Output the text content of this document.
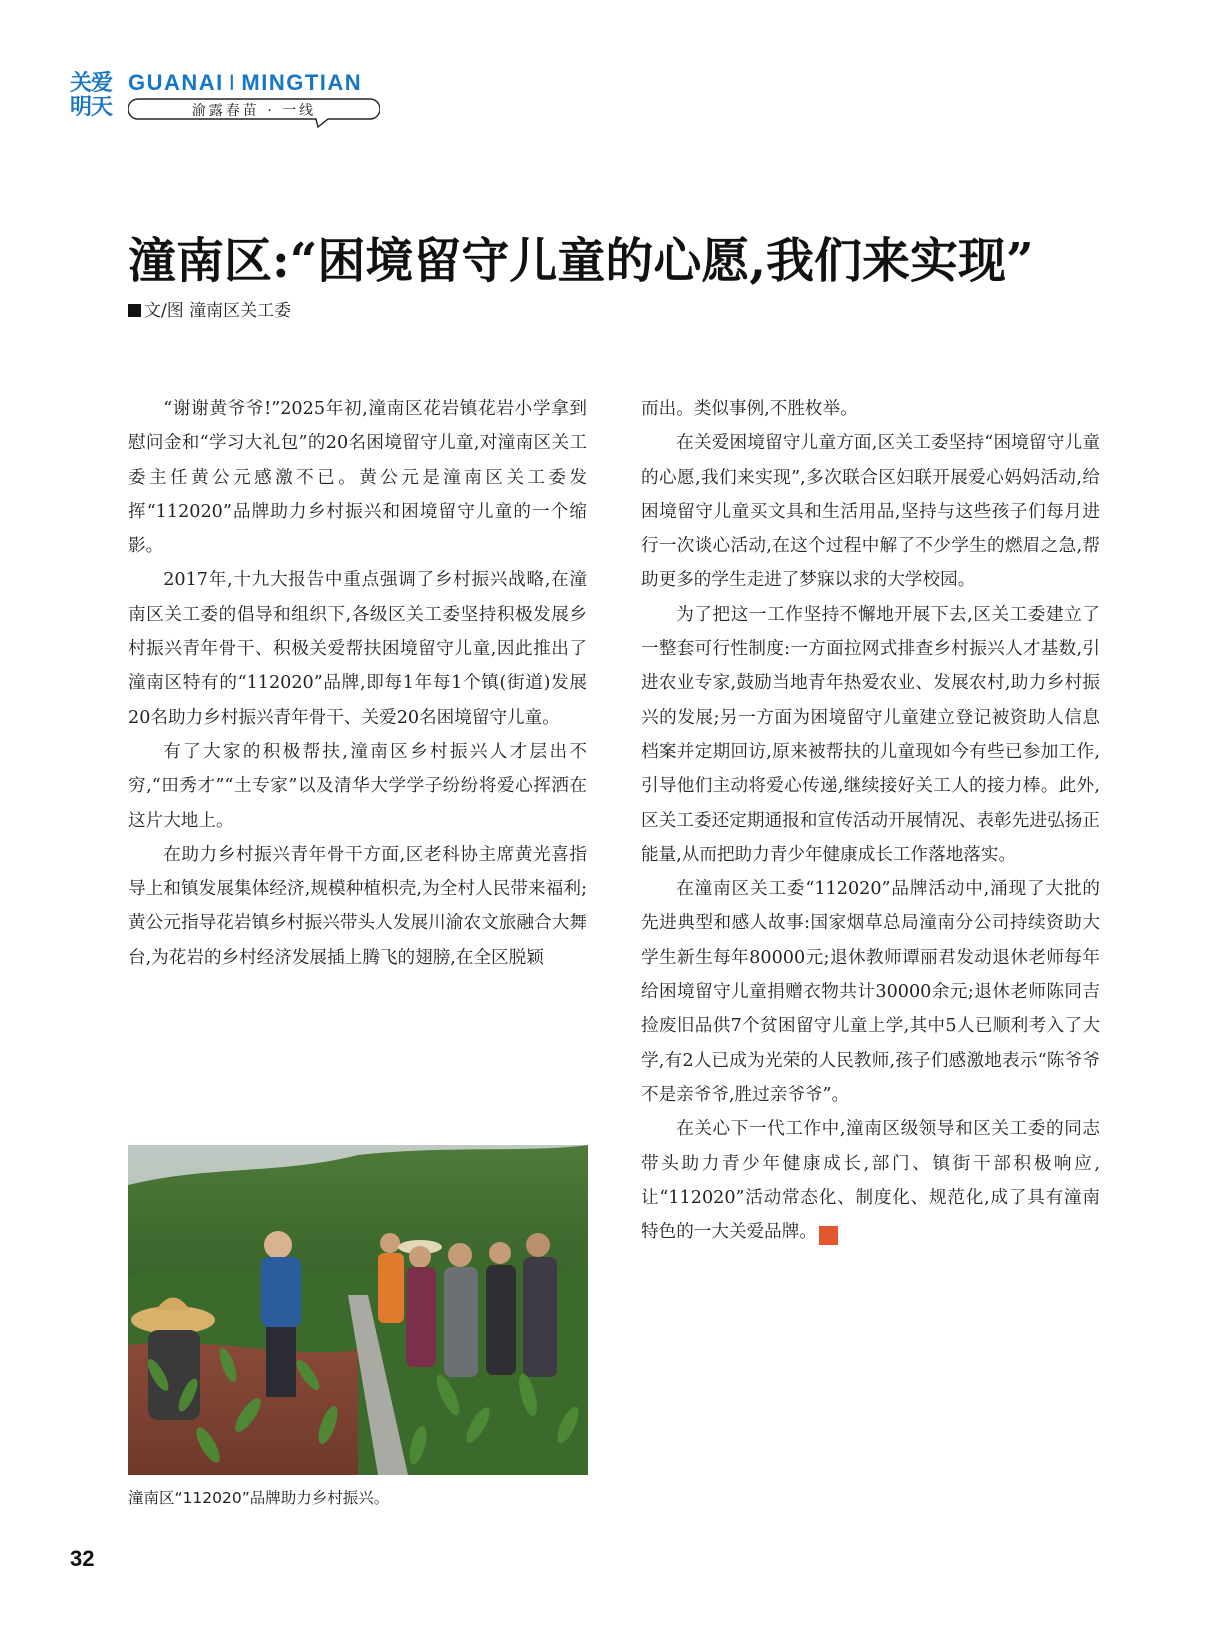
关爱
明天
GUANAI I MINGTIAN
渝露春苗 · 一线
潼南区:“困境留守儿童的心愿,我们来实现”
文/图 潼南区关工委

“谢谢黄爷爷!”2025年初,潼南区花岩镇花岩小学拿到慰问金和“学习大礼包”的20名困境留守儿童,对潼南区关工委主任黄公元感激不已。黄公元是潼南区关工委发挥“112020”品牌助力乡村振兴和困境留守儿童的一个缩影。

2017年,十九大报告中重点强调了乡村振兴战略,在潼南区关工委的倡导和组织下,各级区关工委坚持积极发展乡村振兴青年骨干、积极关爱帮扶困境留守儿童,因此推出了潼南区特有的“112020”品牌,即每1年每1个镇(街道)发展20名助力乡村振兴青年骨干、关爱20名困境留守儿童。

有了大家的积极帮扶,潼南区乡村振兴人才层出不穷,“田秀才”“土专家”以及清华大学学子纷纷将爱心挥洒在这片大地上。

在助力乡村振兴青年骨干方面,区老科协主席黄光喜指导上和镇发展集体经济,规模种植枳壳,为全村人民带来福利;黄公元指导花岩镇乡村振兴带头人发展川渝农文旅融合大舞台,为花岩的乡村经济发展插上腾飞的翅膀,在全区脱颖

而出。类似事例,不胜枚举。

在关爱困境留守儿童方面,区关工委坚持“困境留守儿童的心愿,我们来实现”,多次联合区妇联开展爱心妈妈活动,给困境留守儿童买文具和生活用品,坚持与这些孩子们每月进行一次谈心活动,在这个过程中解了不少学生的燃眉之急,帮助更多的学生走进了梦寐以求的大学校园。

为了把这一工作坚持不懈地开展下去,区关工委建立了一整套可行性制度:一方面拉网式排查乡村振兴人才基数,引进农业专家,鼓励当地青年热爱农业、发展农村,助力乡村振兴的发展;另一方面为困境留守儿童建立登记被资助人信息档案并定期回访,原来被帮扶的儿童现如今有些已参加工作,引导他们主动将爱心传递,继续接好关工人的接力棒。此外,区关工委还定期通报和宣传活动开展情况、表彰先进弘扬正能量,从而把助力青少年健康成长工作落地落实。

在潼南区关工委“112020”品牌活动中,涌现了大批的先进典型和感人故事:国家烟草总局潼南分公司持续资助大学生新生每年80000元;退休教师谭丽君发动退休老师每年给困境留守儿童捐赠衣物共计30000余元;退休老师陈同吉捡废旧品供7个贫困留守儿童上学,其中5人已顺利考入了大学,有2人已成为光荣的人民教师,孩子们感激地表示“陈爷爷不是亲爷爷,胜过亲爷爷”。

在关心下一代工作中,潼南区级领导和区关工委的同志带头助力青少年健康成长,部门、镇街干部积极响应,让“112020”活动常态化、制度化、规范化,成了具有潼南特色的一大关爱品牌。	关

潼南区“112020”品牌助力乡村振兴。
32
